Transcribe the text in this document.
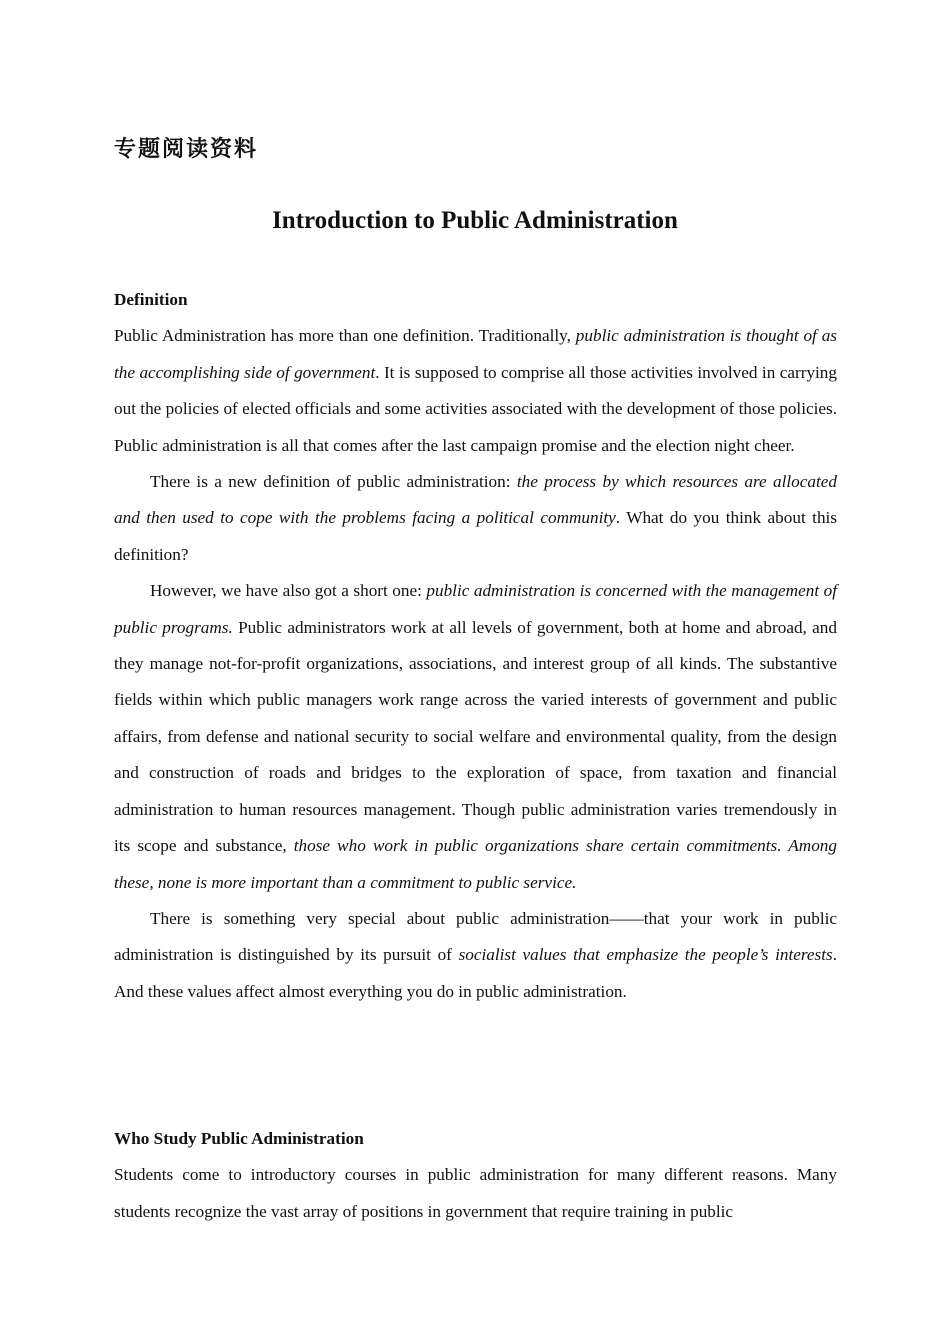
专题阅读资料
Introduction to Public Administration
Definition

Public Administration has more than one definition. Traditionally, public administration is thought of as the accomplishing side of government. It is supposed to comprise all those activities involved in carrying out the policies of elected officials and some activities associated with the development of those policies. Public administration is all that comes after the last campaign promise and the election night cheer.

There is a new definition of public administration: the process by which resources are allocated and then used to cope with the problems facing a political community. What do you think about this definition?

However, we have also got a short one: public administration is concerned with the management of public programs. Public administrators work at all levels of government, both at home and abroad, and they manage not-for-profit organizations, associations, and interest group of all kinds. The substantive fields within which public managers work range across the varied interests of government and public affairs, from defense and national security to social welfare and environmental quality, from the design and construction of roads and bridges to the exploration of space, from taxation and financial administration to human resources management. Though public administration varies tremendously in its scope and substance, those who work in public organizations share certain commitments. Among these, none is more important than a commitment to public service.

There is something very special about public administration——that your work in public administration is distinguished by its pursuit of socialist values that emphasize the people’s interests. And these values affect almost everything you do in public administration.

Who Study Public Administration

Students come to introductory courses in public administration for many different reasons. Many students recognize the vast array of positions in government that require training in public
